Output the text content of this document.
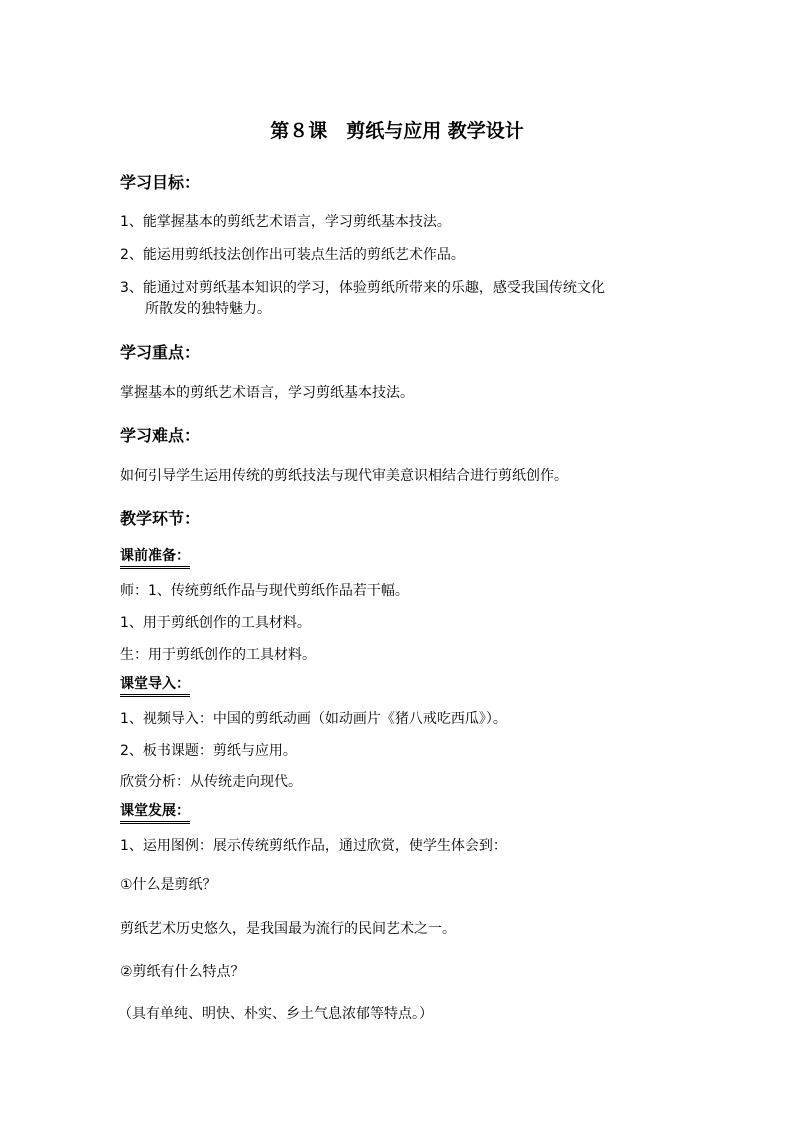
第８课　剪纸与应用 教学设计
学习目标：
1、能掌握基本的剪纸艺术语言，学习剪纸基本技法。
2、能运用剪纸技法创作出可装点生活的剪纸艺术作品。
3、能通过对剪纸基本知识的学习，体验剪纸所带来的乐趣，感受我国传统文化
所散发的独特魅力。
学习重点：
掌握基本的剪纸艺术语言，学习剪纸基本技法。
学习难点：
如何引导学生运用传统的剪纸技法与现代审美意识相结合进行剪纸创作。
教学环节：
课前准备：
师：1、传统剪纸作品与现代剪纸作品若干幅。
1、用于剪纸创作的工具材料。
生：用于剪纸创作的工具材料。
课堂导入：
1、视频导入：中国的剪纸动画（如动画片《猪八戒吃西瓜》）。
2、板书课题：剪纸与应用。
欣赏分析：从传统走向现代。
课堂发展：
1、运用图例：展示传统剪纸作品，通过欣赏，使学生体会到：
①什么是剪纸？
剪纸艺术历史悠久，是我国最为流行的民间艺术之一。
②剪纸有什么特点？
（具有单纯、明快、朴实、乡土气息浓郁等特点。）
